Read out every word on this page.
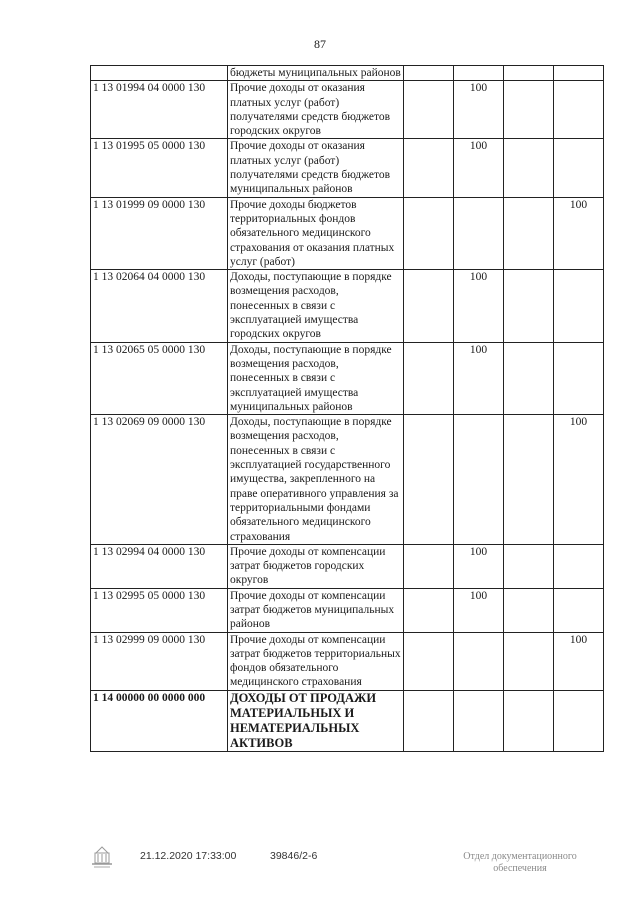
87
	бюджеты муниципальных районов				
1 13 01994 04 0000 130	Прочие доходы от оказания платных услуг (работ) получателями средств бюджетов городских округов		100		
1 13 01995 05 0000 130	Прочие доходы от оказания платных услуг (работ) получателями средств бюджетов муниципальных районов		100		
1 13 01999 09 0000 130	Прочие доходы бюджетов территориальных фондов обязательного медицинского страхования от оказания платных услуг (работ)				100
1 13 02064 04 0000 130	Доходы, поступающие в порядке возмещения расходов, понесенных в связи с эксплуатацией имущества городских округов		100		
1 13 02065 05 0000 130	Доходы, поступающие в порядке возмещения расходов, понесенных в связи с эксплуатацией имущества муниципальных районов		100		
1 13 02069 09 0000 130	Доходы, поступающие в порядке возмещения расходов, понесенных в связи с эксплуатацией государственного имущества, закрепленного на праве оперативного управления за территориальными фондами обязательного медицинского страхования				100
1 13 02994 04 0000 130	Прочие доходы от компенсации затрат бюджетов городских округов		100		
1 13 02995 05 0000 130	Прочие доходы от компенсации затрат бюджетов муниципальных районов		100		
1 13 02999 09 0000 130	Прочие доходы от компенсации затрат бюджетов территориальных фондов обязательного медицинского страхования				100
1 14 00000 00 0000 000	ДОХОДЫ ОТ ПРОДАЖИ МАТЕРИАЛЬНЫХ И НЕМАТЕРИАЛЬНЫХ АКТИВОВ				
21.12.2020 17:33:00	39846/2-6	Отдел документационного
обеспечения
